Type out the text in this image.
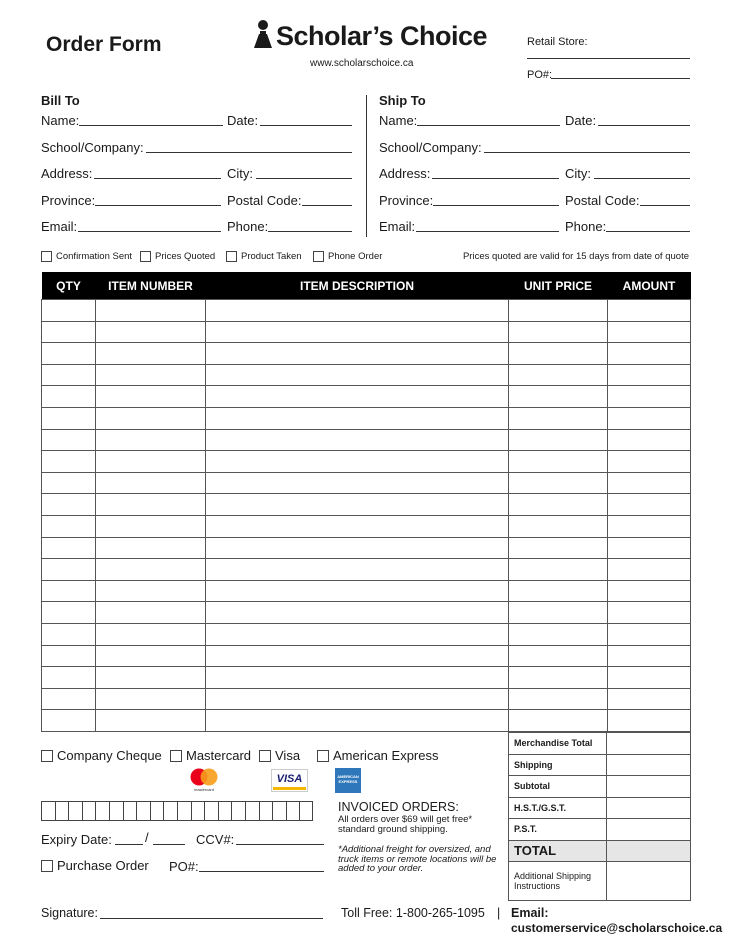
Order Form	Scholar’s Choice
www.scholarschoice.ca
Retail Store:
PO#:
Bill To
Name:	Date:
School/Company:
Address:	City:
Province:	Postal Code:
Email:	Phone:
Ship To
Name:	Date:
School/Company:
Address:	City:
Province:	Postal Code:
Email:	Phone:
Confirmation Sent Prices Quoted	Product Taken	Phone Order	Prices quoted are valid for 15 days from date of quote
QTY	ITEM NUMBER	ITEM DESCRIPTION	UNIT PRICE	AMOUNT

Company Cheque Mastercard Visa	American Express
mastercard
VISA	AMERICAN EXPRESS
Expiry Date:	/	CCV#:
Purchase Order PO#:
INVOICED ORDERS:
All orders over $69 will get free* standard ground shipping.
*Additional freight for oversized, and truck items or remote locations will be added to your order.
Merchandise Total	
Shipping	
Subtotal	
H.S.T./G.S.T.	
P.S.T.	
TOTAL	
Additional Shipping Instructions	
Signature:	Toll Free: 1-800-265-1095 | Email:
customerservice@scholarschoice.ca
